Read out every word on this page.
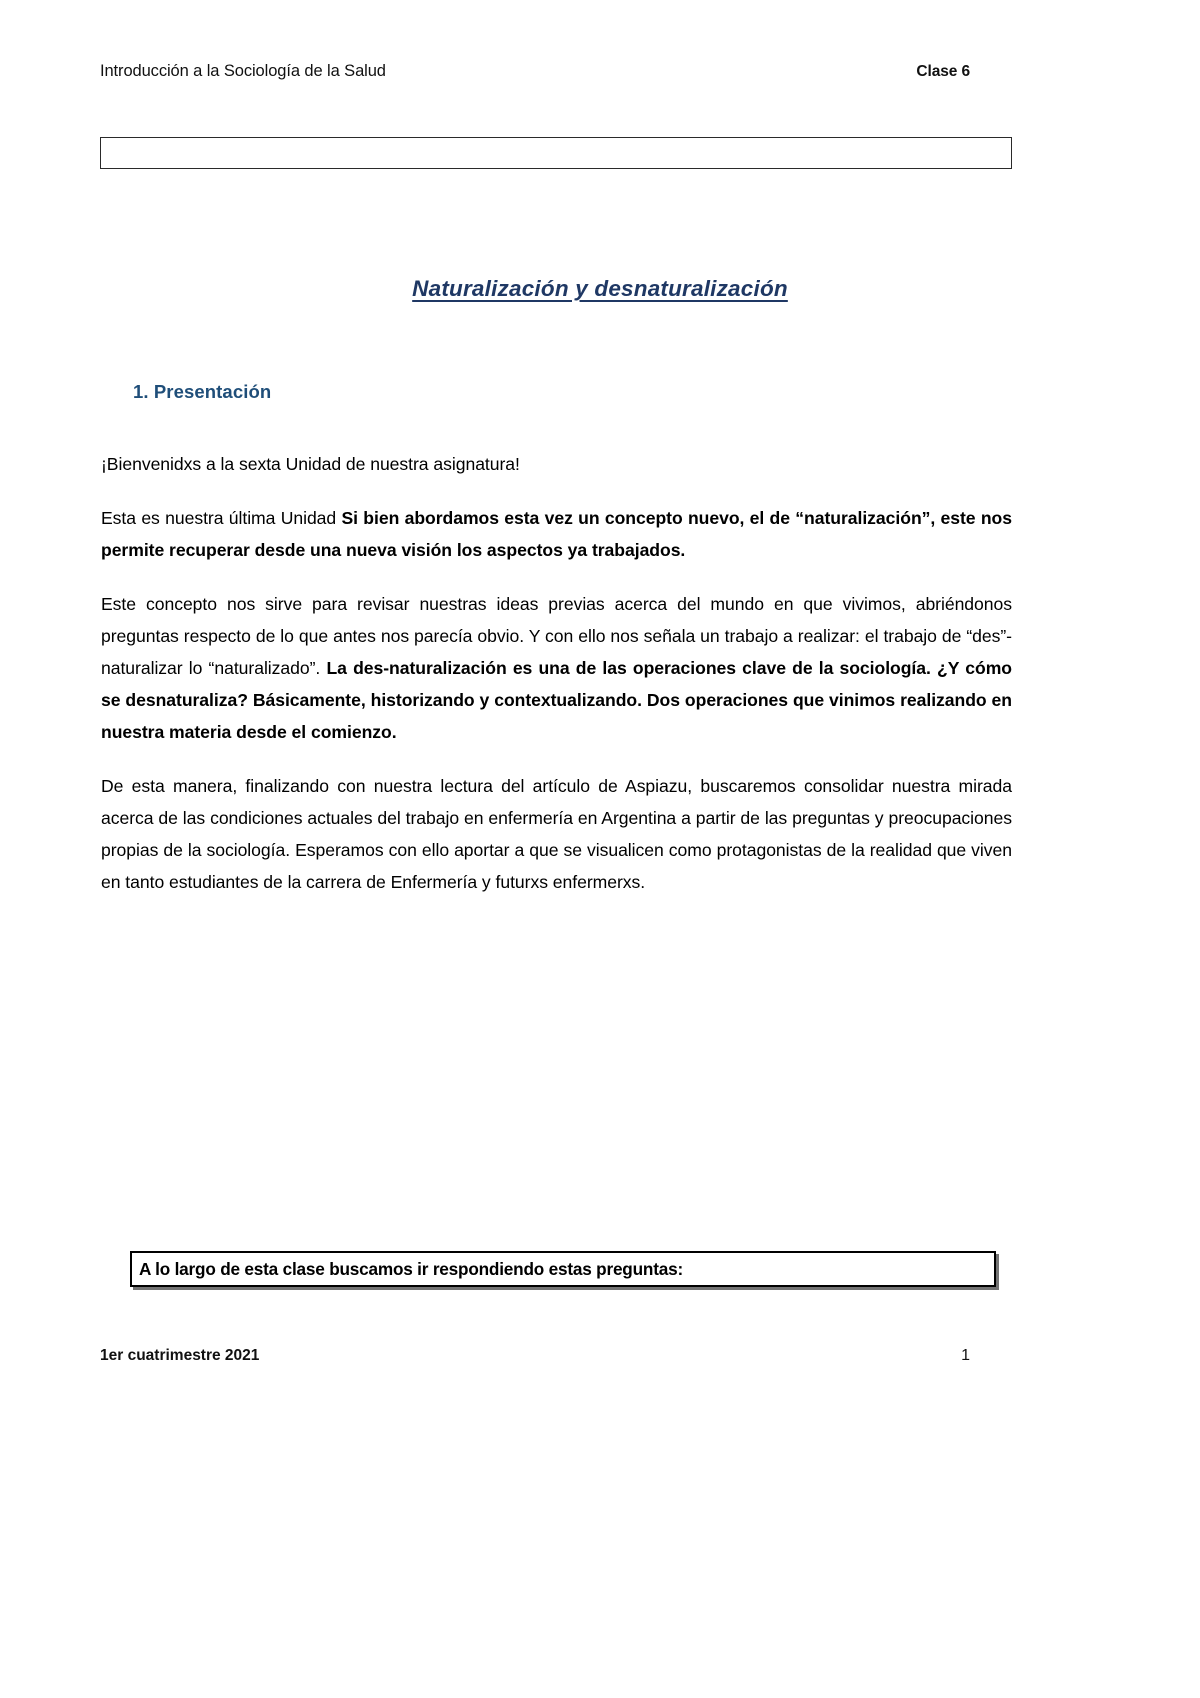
Introducción a la Sociología de la Salud	Clase 6
Naturalización y desnaturalización
1. Presentación

¡Bienvenidxs a la sexta Unidad de nuestra asignatura!

Esta es nuestra última Unidad Si bien abordamos esta vez un concepto nuevo, el de “naturalización”, este nos permite recuperar desde una nueva visión los aspectos ya trabajados.

Este concepto nos sirve para revisar nuestras ideas previas acerca del mundo en que vivimos, abriéndonos preguntas respecto de lo que antes nos parecía obvio. Y con ello nos señala un trabajo a realizar: el trabajo de “des”-naturalizar lo “naturalizado”. La des-naturalización es una de las operaciones clave de la sociología. ¿Y cómo se desnaturaliza? Básicamente, historizando y contextualizando. Dos operaciones que vinimos realizando en nuestra materia desde el comienzo.

De esta manera, finalizando con nuestra lectura del artículo de Aspiazu, buscaremos consolidar nuestra mirada acerca de las condiciones actuales del trabajo en enfermería en Argentina a partir de las preguntas y preocupaciones propias de la sociología. Esperamos con ello aportar a que se visualicen como protagonistas de la realidad que viven en tanto estudiantes de la carrera de Enfermería y futurxs enfermerxs.

A lo largo de esta clase buscamos ir respondiendo estas preguntas:
1er cuatrimestre 2021	1
